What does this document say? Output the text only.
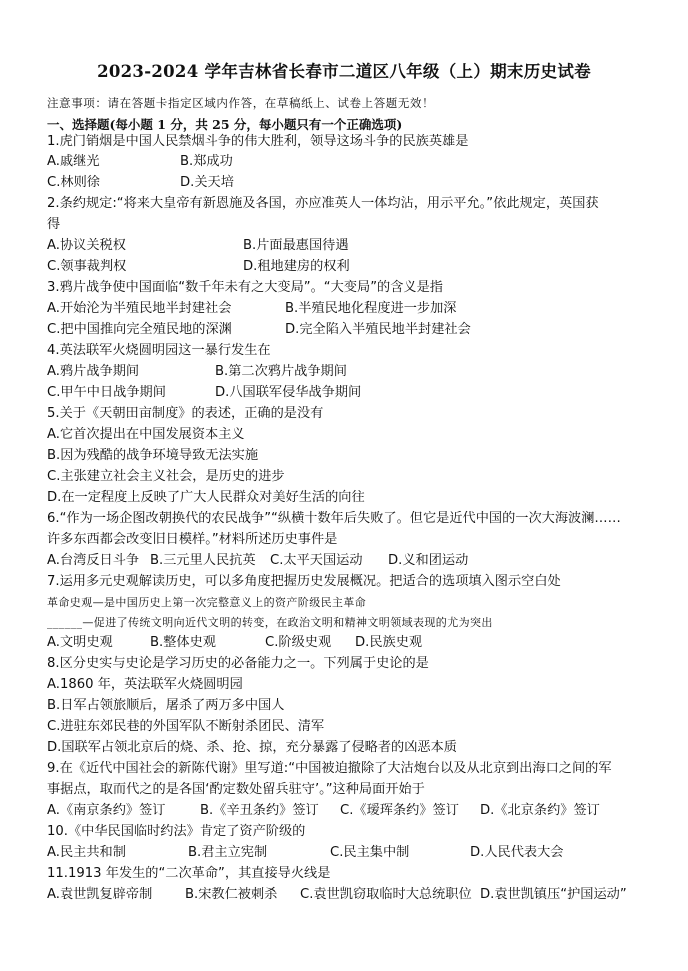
2023-2024 学年吉林省长春市二道区八年级（上）期末历史试卷
注意事项：请在答题卡指定区域内作答，在草稿纸上、试卷上答题无效！
一、选择题(每小题 1 分，共 25 分，每小题只有一个正确选项)
1.虎门销烟是中国人民禁烟斗争的伟大胜利，领导这场斗争的民族英雄是
A.戚继光	B.郑成功
C.林则徐	D.关天培
2.条约规定:“将来大皇帝有新恩施及各国，亦应准英人一体均沾，用示平允。”依此规定，英国获
得
A.协议关税权	B.片面最惠国待遇
C.领事裁判权	D.租地建房的权利
3.鸦片战争使中国面临“数千年未有之大变局”。“大变局”的含义是指
A.开始沦为半殖民地半封建社会	B.半殖民地化程度进一步加深
C.把中国推向完全殖民地的深渊	D.完全陷入半殖民地半封建社会
4.英法联军火烧圆明园这一暴行发生在
A.鸦片战争期间	B.第二次鸦片战争期间
C.甲午中日战争期间	D.八国联军侵华战争期间
5.关于《天朝田亩制度》的表述，正确的是没有
A.它首次提出在中国发展资本主义
B.因为残酷的战争环境导致无法实施
C.主张建立社会主义社会，是历史的进步
D.在一定程度上反映了广大人民群众对美好生活的向往
6.“作为一场企图改朝换代的农民战争”“纵横十数年后失败了。但它是近代中国的一次大海波澜……
许多东西都会改变旧日模样。”材料所述历史事件是
A.台湾反日斗争 B.三元里人民抗英 C.太平天国运动 D.义和团运动
7.运用多元史观解读历史，可以多角度把握历史发展概况。把适合的选项填入图示空白处
革命史观—是中国历史上第一次完整意义上的资产阶级民主革命
______—促进了传统文明向近代文明的转变，在政治文明和精神文明领域表现的尤为突出
A.文明史观	B.整体史观	C.阶级史观 D.民族史观
8.区分史实与史论是学习历史的必备能力之一。下列属于史论的是
A.1860 年，英法联军火烧圆明园
B.日军占领旅顺后，屠杀了两万多中国人
C.进驻东郊民巷的外国军队不断射杀团民、清军
D.国联军占领北京后的烧、杀、抢、掠，充分暴露了侵略者的凶恶本质
9.在《近代中国社会的新陈代谢》里写道:“中国被迫撤除了大沽炮台以及从北京到出海口之间的军
事据点，取而代之的是各国‘酌定数处留兵驻守’。”这种局面开始于
A.《南京条约》签订	B.《辛丑条约》签订 C.《瑷珲条约》签订 D.《北京条约》签订
10.《中华民国临时约法》肯定了资产阶级的
A.民主共和制	B.君主立宪制	C.民主集中制	D.人民代表大会
11.1913 年发生的“二次革命”，其直接导火线是
A.袁世凯复辟帝制 B.宋教仁被刺杀 C.袁世凯窃取临时大总统职位 D.袁世凯镇压“护国运动”
